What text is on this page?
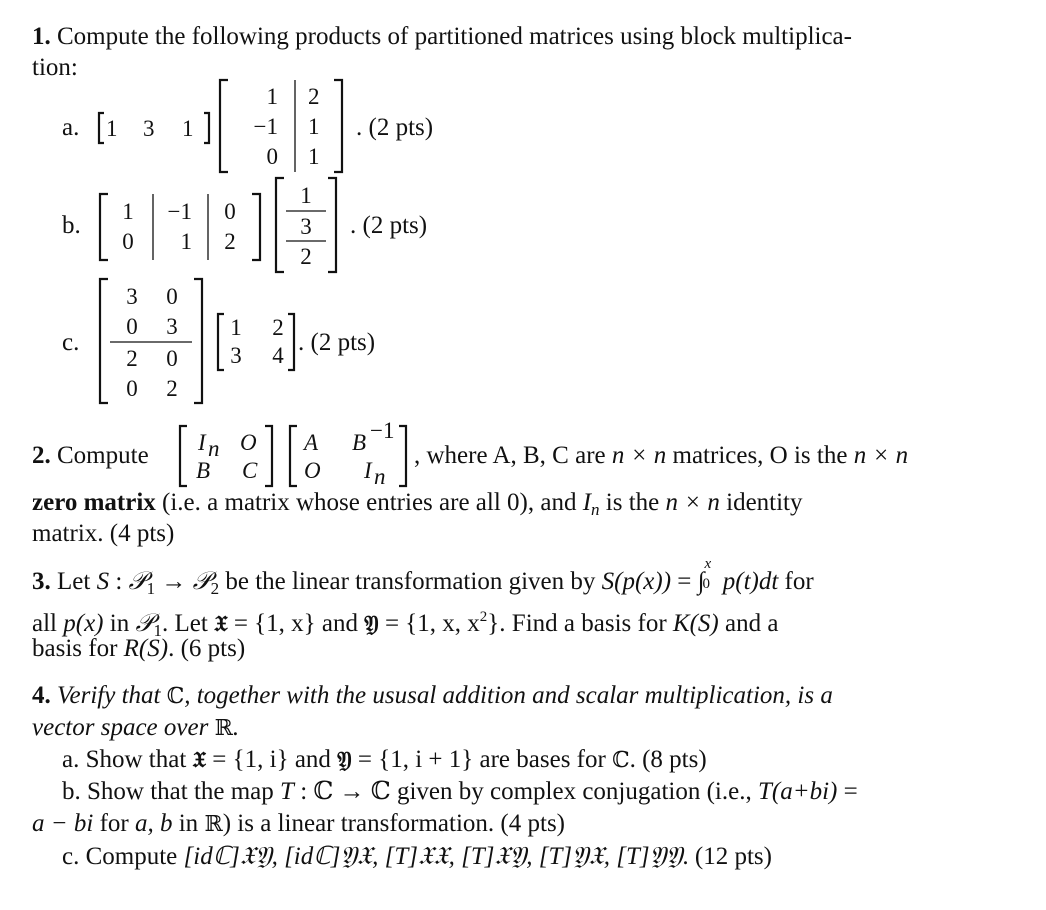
1. Compute the following products of partitioned matrices using block multiplica-
tion:
a. 1 3 1
1
−1
0
2
1
1
. (2 pts)
b.
1 −1 0
0 1 2
1
3
2
. (2 pts)
c.
3 0
0 3
2 0
0 2
1 2
3 4 . (2 pts)
2. Compute I n O
B C
A B −1
O I n
, where A, B, C are n × n matrices, O is the n × n
zero matrix (i.e. a matrix whose entries are all 0), and $I_n$ is the n × n identity
matrix. (4 pts)
3. Let S : 𝒫$_1$ → 𝒫$_2$ be the linear transformation given by S(p(x)) = ∫
x
0 p(t)dt for
all p(x) in 𝒫$_1$. Let 𝔛 = {1, x} and 𝔜 = {1, x, $x^2$}. Find a basis for K(S) and a
basis for R(S). (6 pts)
4. Verify that ℂ, together with the ususal addition and scalar multiplication, is a
vector space over ℝ.
a. Show that 𝔛 = {1, i} and 𝔜 = {1, i + 1} are bases for ℂ. (8 pts)
b. Show that the map T : ℂ → ℂ given by complex conjugation (i.e., T(a+bi) =
a − bi for a, b in ℝ) is a linear transformation. (4 pts)
c. Compute [idℂ]𝔛𝔜, [idℂ]𝔜𝔛, [T]𝔛𝔛, [T]𝔛𝔜, [T]𝔜𝔛, [T]𝔜𝔜. (12 pts)
